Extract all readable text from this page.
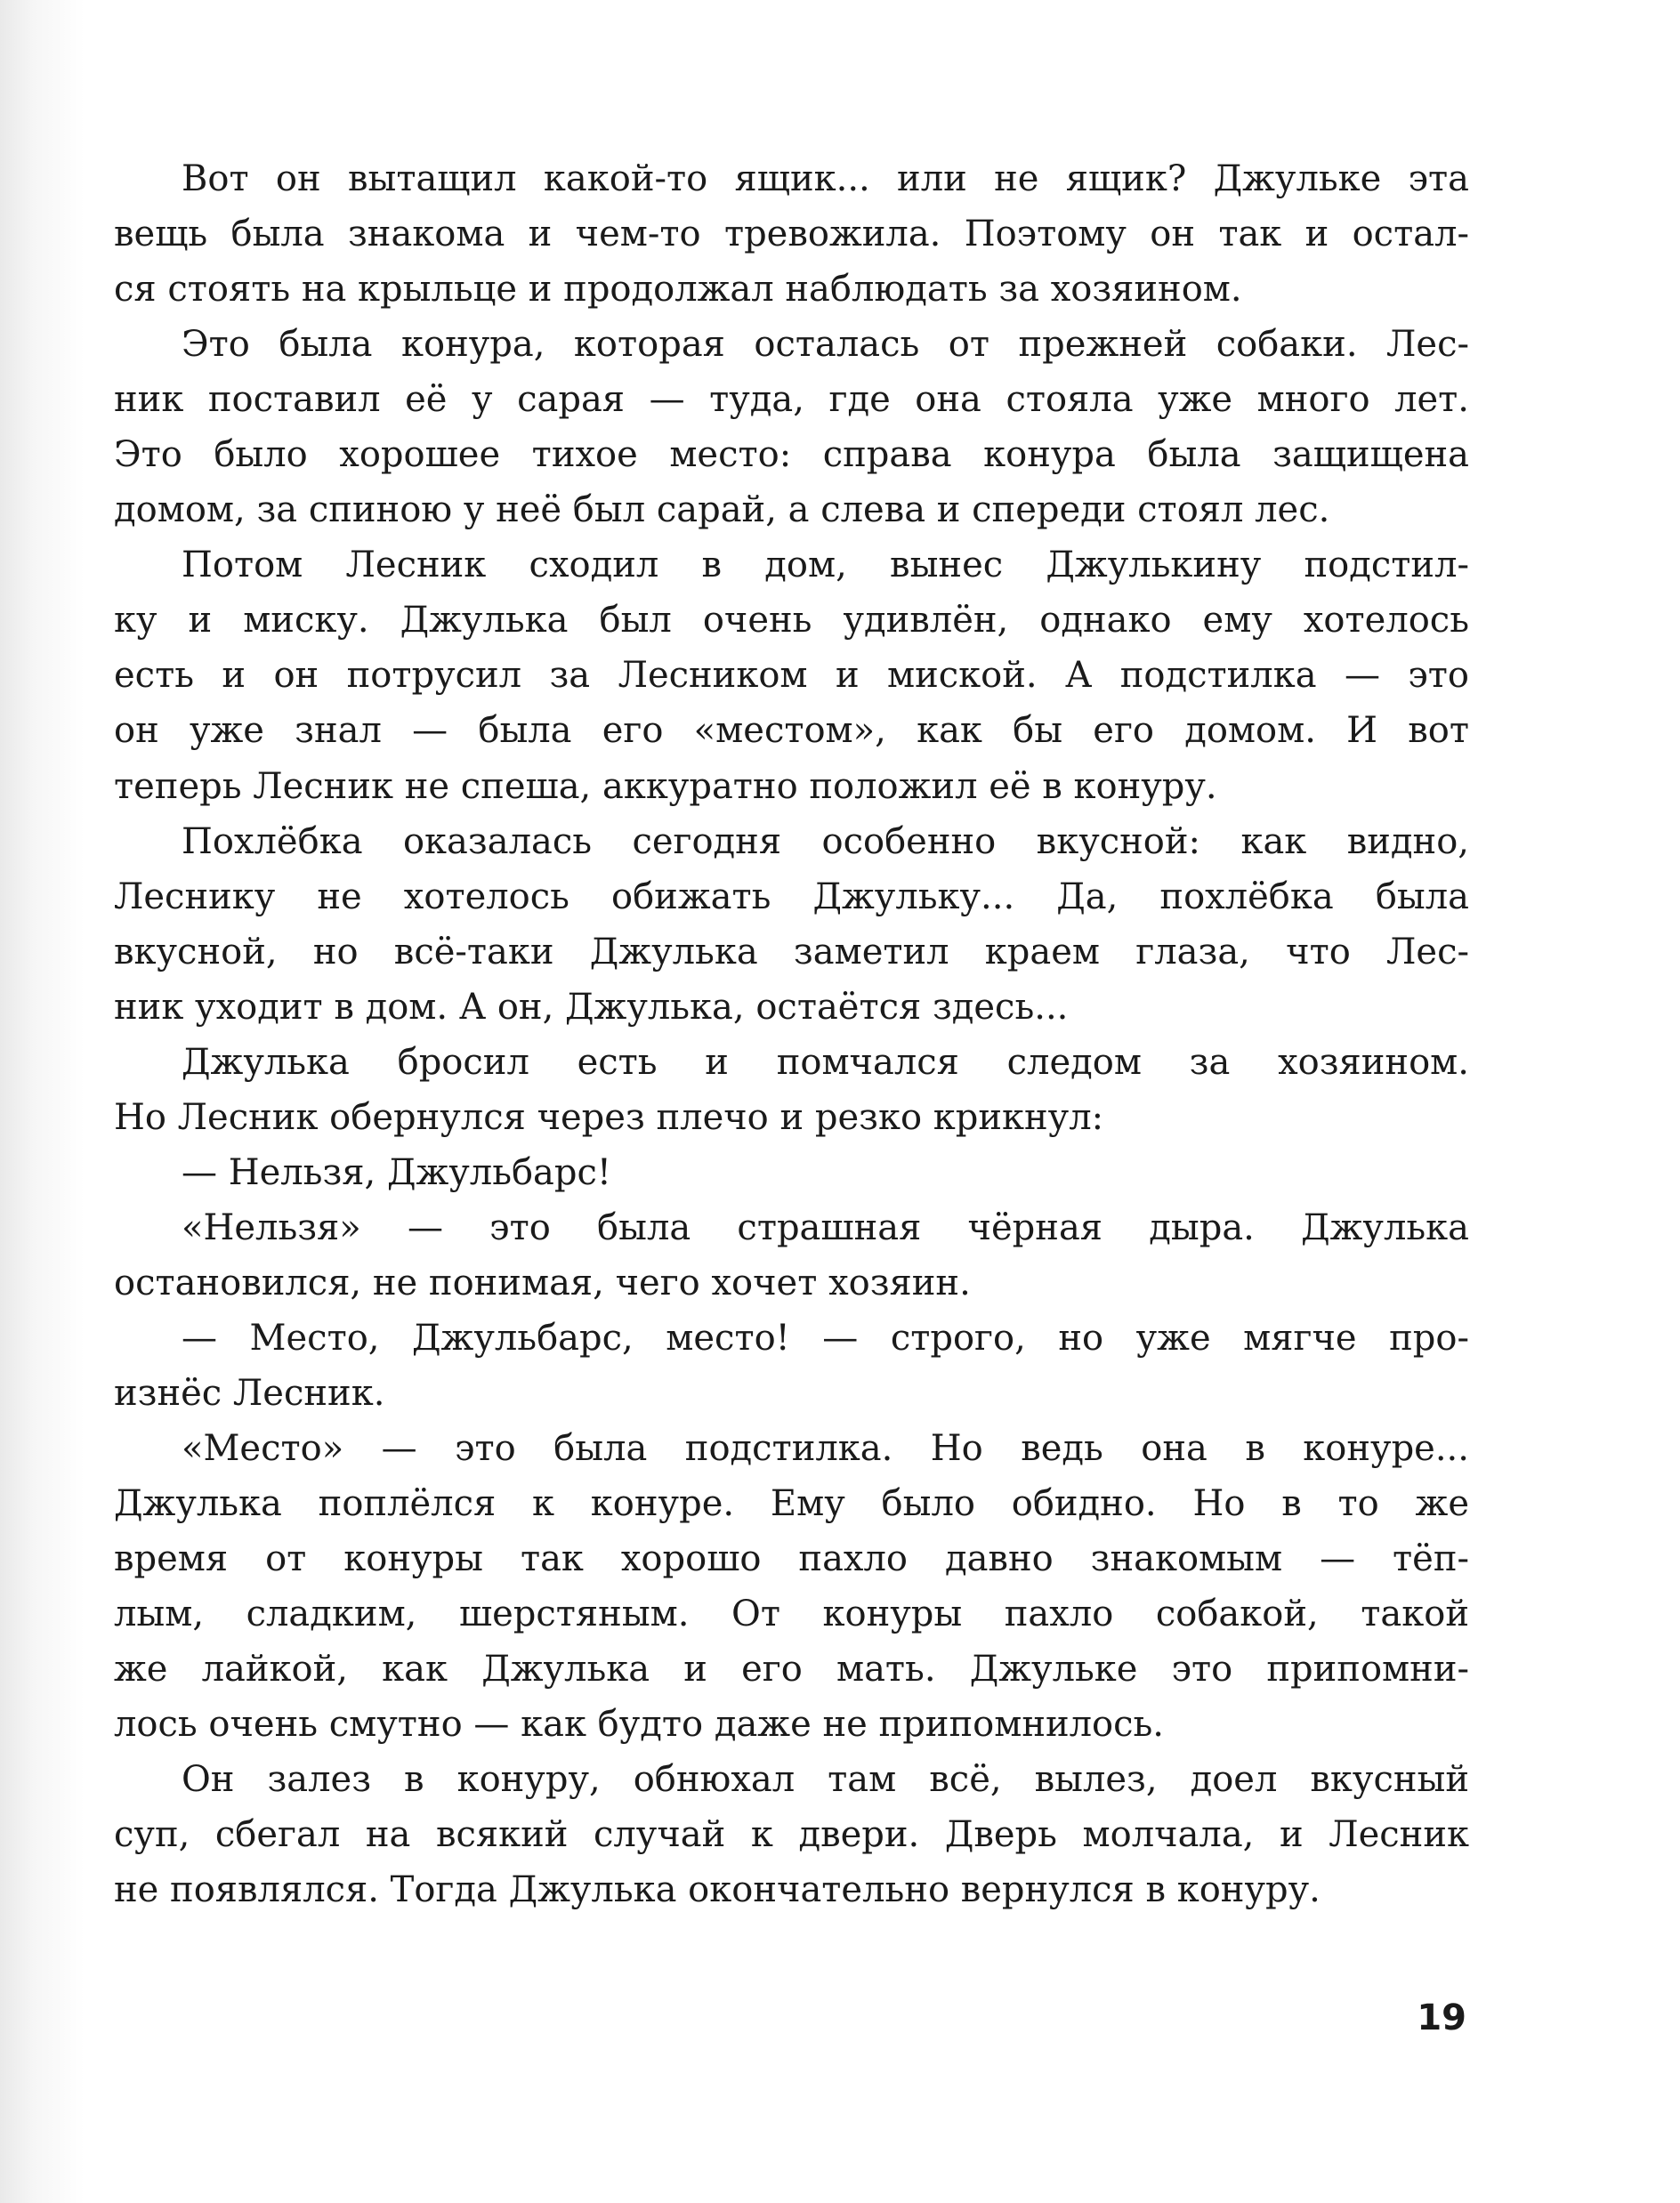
Вот он вытащил какой-то ящик... или не ящик? Джульке эта
вещь была знакома и чем-то тревожила. Поэтому он так и остал-
ся стоять на крыльце и продолжал наблюдать за хозяином.
Это была конура, которая осталась от прежней собаки. Лес-
ник поставил её у сарая — туда, где она стояла уже много лет.
Это было хорошее тихое место: справа конура была защищена
домом, за спиною у неё был сарай, а слева и спереди стоял лес.
Потом Лесник сходил в дом, вынес Джулькину подстил-
ку и миску. Джулька был очень удивлён, однако ему хотелось
есть и он потрусил за Лесником и миской. А подстилка — это
он уже знал — была его «местом», как бы его домом. И вот
теперь Лесник не спеша, аккуратно положил её в конуру.
Похлёбка оказалась сегодня особенно вкусной: как видно,
Леснику не хотелось обижать Джульку... Да, похлёбка была
вкусной, но всё-таки Джулька заметил краем глаза, что Лес-
ник уходит в дом. А он, Джулька, остаётся здесь...
Джулька бросил есть и помчался следом за хозяином.
Но Лесник обернулся через плечо и резко крикнул:
— Нельзя, Джульбарс!
«Нельзя» — это была страшная чёрная дыра. Джулька
остановился, не понимая, чего хочет хозяин.
— Место, Джульбарс, место! — строго, но уже мягче про-
изнёс Лесник.
«Место» — это была подстилка. Но ведь она в конуре...
Джулька поплёлся к конуре. Ему было обидно. Но в то же
время от конуры так хорошо пахло давно знакомым — тёп-
лым, сладким, шерстяным. От конуры пахло собакой, такой
же лайкой, как Джулька и его мать. Джульке это припомни-
лось очень смутно — как будто даже не припомнилось.
Он залез в конуру, обнюхал там всё, вылез, доел вкусный
суп, сбегал на всякий случай к двери. Дверь молчала, и Лесник
не появлялся. Тогда Джулька окончательно вернулся в конуру.
19
